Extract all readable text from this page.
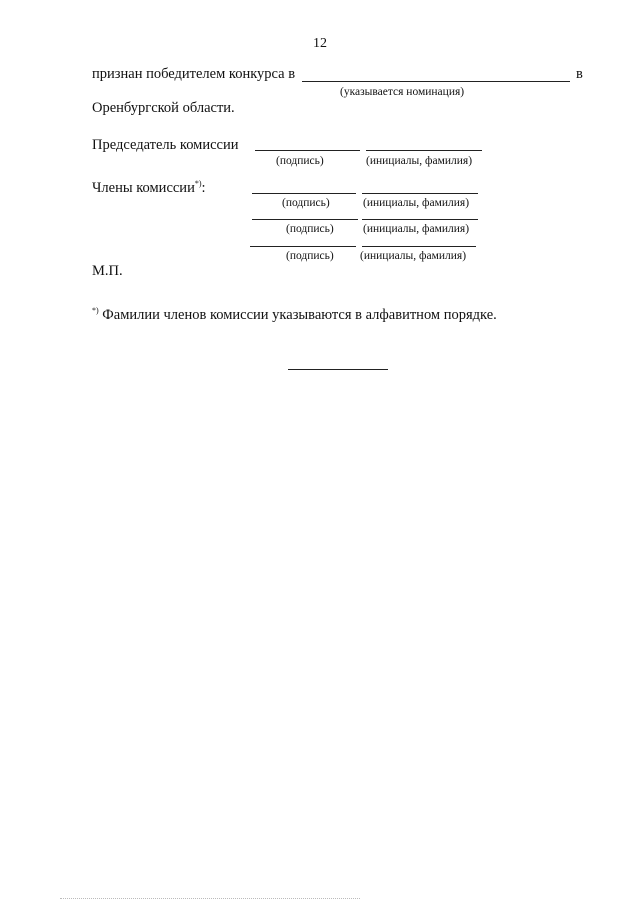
12
признан победителем конкурса в	в
(указывается номинация)
Оренбургской области.
Председатель комиссии
(подпись)	(инициалы, фамилия)
Члены комиссии*):
(подпись)	(инициалы, фамилия)
(подпись)	(инициалы, фамилия)
(подпись) (инициалы, фамилия)
М.П.
*) Фамилии членов комиссии указываются в алфавитном порядке.
